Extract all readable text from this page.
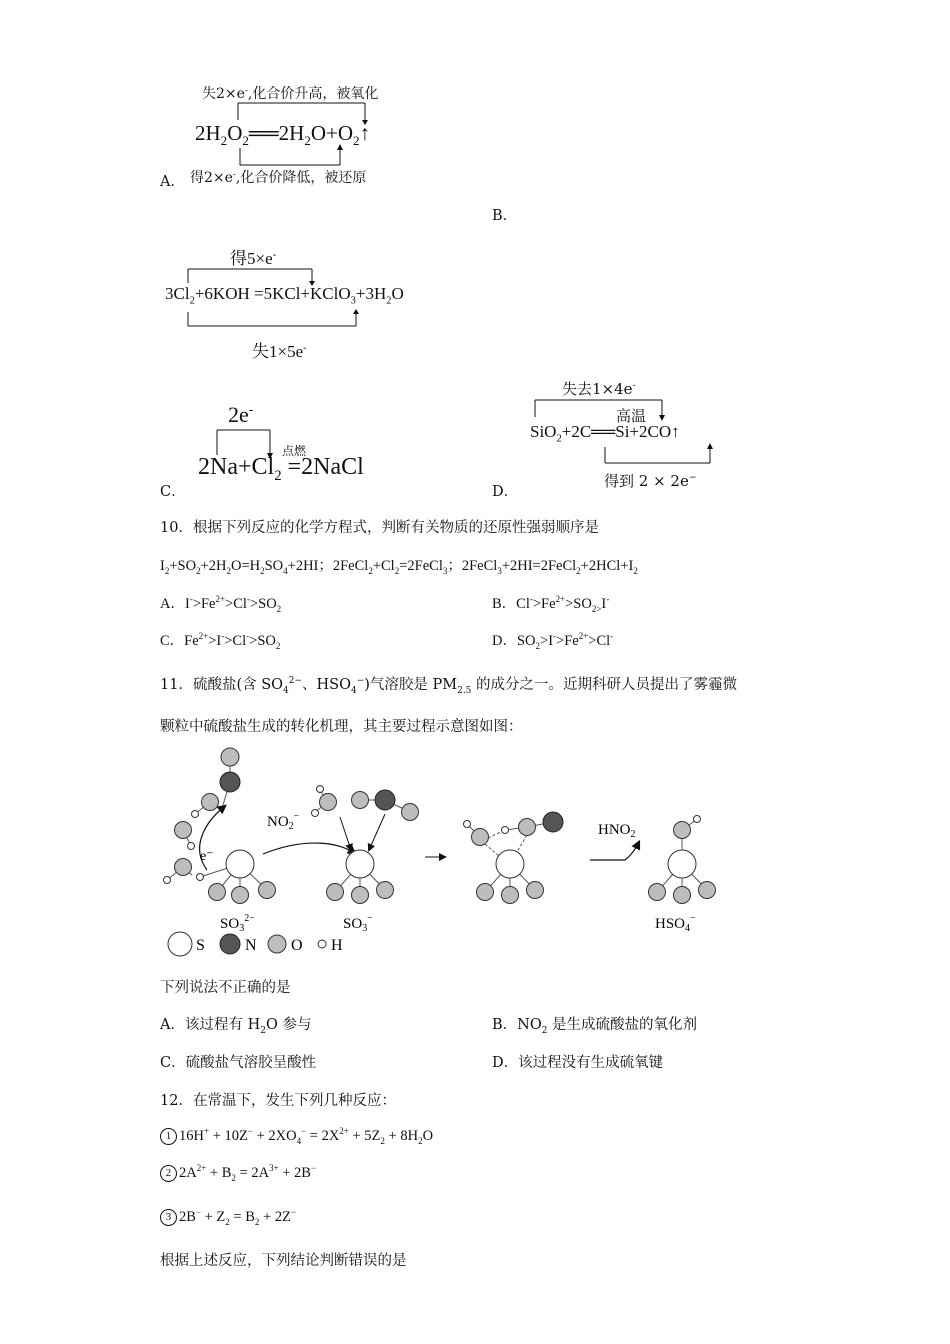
失2×e-,化合价升高，被氧化
$2H_2O_2══2H_2O+O_2↑$
A． 得2×e-,化合价降低，被还原
B．
得5×e-
$3Cl_2+6KOH$ $=5KCl+KClO_3+3H_2O$
失1×5e-
2e-
点燃
$2Na+Cl_2$ =2NaCl
C．
失去1×4e-
高温
SiO$_2$+2C══Si+2CO↑
得到 2 × 2e−
D．
10．根据下列反应的化学方程式，判断有关物质的还原性强弱顺序是
$I_2+SO_2+2H_2O=H_2SO_4+2HI$；$2FeCl_2+Cl_2=2FeCl_3$；$2FeCl_3+2HI=2FeCl_2+2HCl+I_2$
A．$I^->Fe^{2+}>Cl^->SO_2$	B．$Cl^->Fe^{2+}>SO_{2>}I^-$
C．$Fe^{2+}>I^->Cl^->SO_2$	D．$SO_2>I^->Fe^{2+}>Cl^-$
11．硫酸盐(含 $SO_4^{2-}$、$HSO_4^-$)气溶胶是 $PM_{2.5}$ 的成分之一。近期科研人员提出了雾霾微
颗粒中硫酸盐生成的转化机理，其主要过程示意图如图：
e⁻
$SO_3^{2-}$
$NO_2^-$
$SO_3^-$
$HNO_2$
$HSO_4^-$
S	N O H
下列说法不正确的是
A．该过程有 $H_2O$ 参与	B．$NO_2$ 是生成硫酸盐的氧化剂
C．硫酸盐气溶胶呈酸性	D．该过程没有生成硫氧键
12．在常温下，发生下列几种反应：
1 $16H^+ + 10Z^- + 2XO_4^- = 2X^{2+} + 5Z_2 + 8H_2O$
2 $2A^{2+} + B_2 = 2A^{3+} + 2B^-$
3 $2B^- + Z_2 = B_2 + 2Z^-$
根据上述反应，下列结论判断错误的是
